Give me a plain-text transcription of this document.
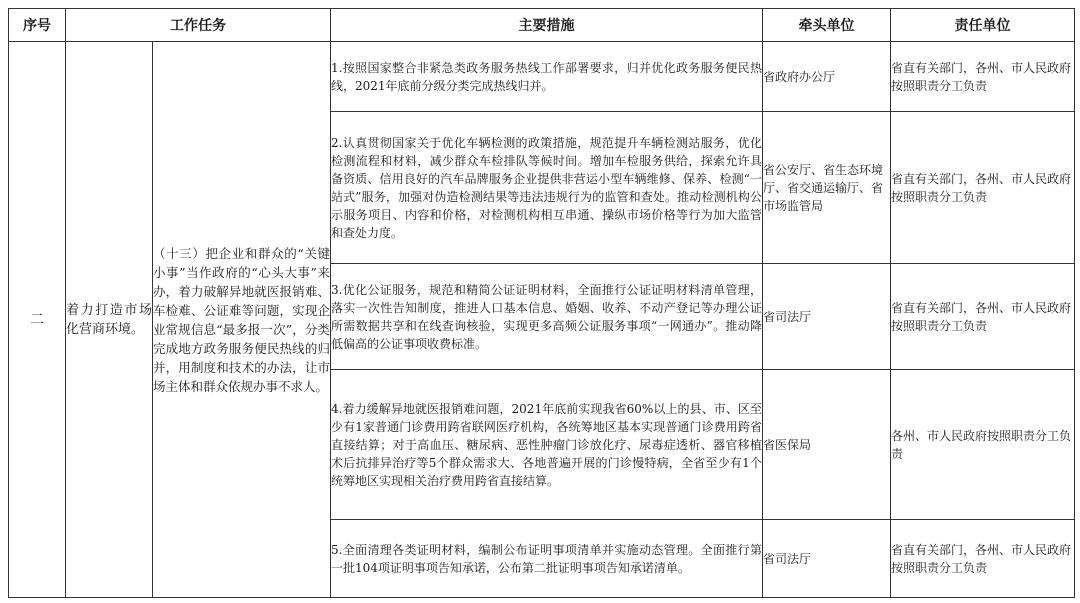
序号	工作任务		主要措施	牵头单位	责任单位
二	着力打造市场化营商环境。	（十三）把企业和群众的“关键小事”当作政府的“心头大事”来办，着力破解异地就医报销难、车检难、公证难等问题，实现企业常规信息“最多报一次”，分类完成地方政务服务便民热线的归并，用制度和技术的办法，让市场主体和群众依规办事不求人。	1.按照国家整合非紧急类政务服务热线工作部署要求，归并优化政务服务便民热线，2021年底前分级分类完成热线归并。	省政府办公厅	省直有关部门，各州、市人民政府按照职责分工负责
			2.认真贯彻国家关于优化车辆检测的政策措施，规范提升车辆检测站服务，优化检测流程和材料，减少群众车检排队等候时间。增加车检服务供给，探索允许具备资质、信用良好的汽车品牌服务企业提供非营运小型车辆维修、保养、检测“一站式”服务，加强对伪造检测结果等违法违规行为的监管和查处。推动检测机构公示服务项目、内容和价格，对检测机构相互串通、操纵市场价格等行为加大监管和查处力度。	省公安厅、省生态环境厅、省交通运输厅、省市场监管局	省直有关部门，各州、市人民政府按照职责分工负责
			3.优化公证服务，规范和精简公证证明材料，全面推行公证证明材料清单管理，落实一次性告知制度，推进人口基本信息、婚姻、收养、不动产登记等办理公证所需数据共享和在线查询核验，实现更多高频公证服务事项“一网通办”。推动降低偏高的公证事项收费标准。	省司法厅	省直有关部门，各州、市人民政府按照职责分工负责
			4.着力缓解异地就医报销难问题，2021年底前实现我省60%以上的县、市、区至少有1家普通门诊费用跨省联网医疗机构，各统筹地区基本实现普通门诊费用跨省直接结算；对于高血压、糖尿病、恶性肿瘤门诊放化疗、尿毒症透析、器官移植术后抗排异治疗等5个群众需求大、各地普遍开展的门诊慢特病，全省至少有1个统筹地区实现相关治疗费用跨省直接结算。	省医保局	各州、市人民政府按照职责分工负责
			5.全面清理各类证明材料，编制公布证明事项清单并实施动态管理。全面推行第一批104项证明事项告知承诺，公布第二批证明事项告知承诺清单。	省司法厅	省直有关部门，各州、市人民政府按照职责分工负责
